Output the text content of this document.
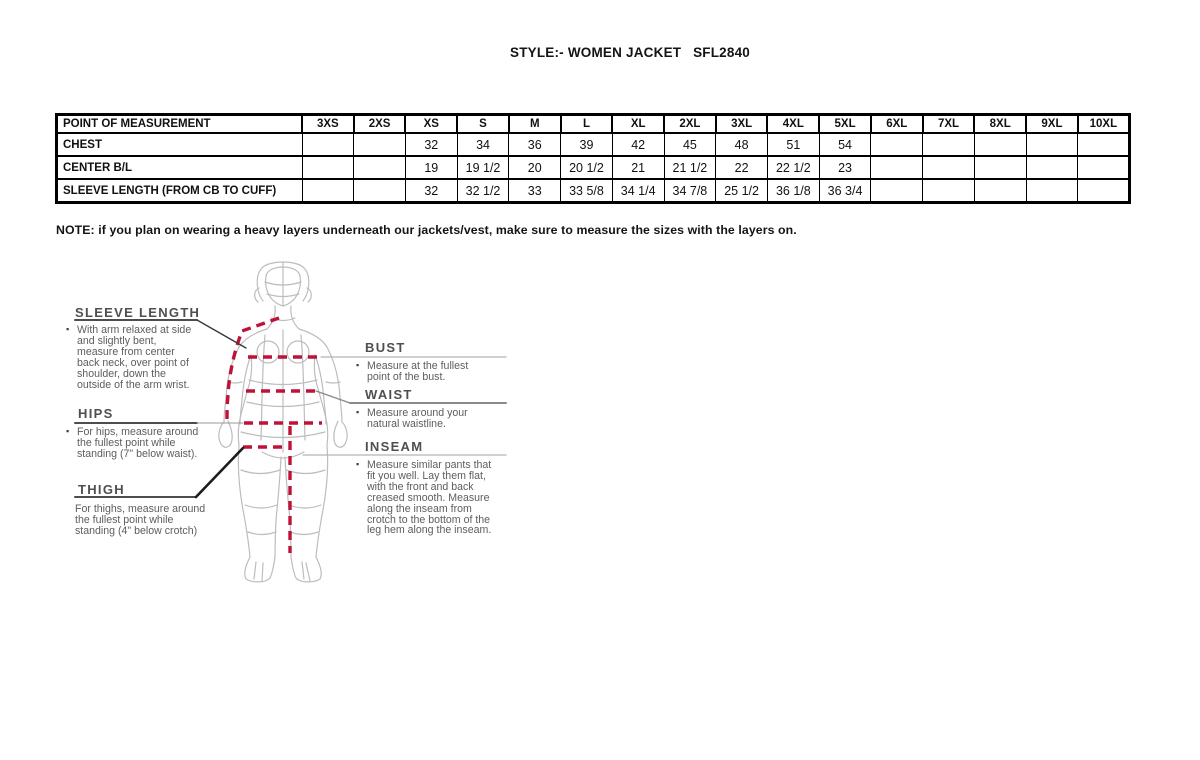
STYLE:- WOMEN JACKET   SFL2840
POINT OF MEASUREMENT	3XS	2XS	XS	S	M	L	XL	2XL	3XL	4XL	5XL	6XL	7XL	8XL	9XL	10XL
CHEST			32	34	36	39	42	45	48	51	54					
CENTER B/L			19	19 1/2	20	20 1/2	21	21 1/2	22	22 1/2	23					
SLEEVE LENGTH (FROM CB TO CUFF)			32	32 1/2	33	33 5/8	34 1/4	34 7/8	25 1/2	36 1/8	36 3/4					
NOTE: if you plan on wearing a heavy layers underneath our jackets/vest, make sure to measure the sizes with the layers on.
SLEEVE LENGTH
▪ With arm relaxed at side and slightly bent, measure from center back neck, over point of shoulder, down the outside of the arm wrist.
HIPS
▪ For hips, measure around the fullest point while standing (7" below waist).
THIGH
For thighs, measure around the fullest point while standing (4" below crotch)
BUST
▪ Measure at the fullest point of the bust.
WAIST
▪ Measure around your natural waistline.
INSEAM
▪ Measure similar pants that fit you well. Lay them flat, with the front and back creased smooth. Measure along the inseam from crotch to the bottom of the leg hem along the inseam.
